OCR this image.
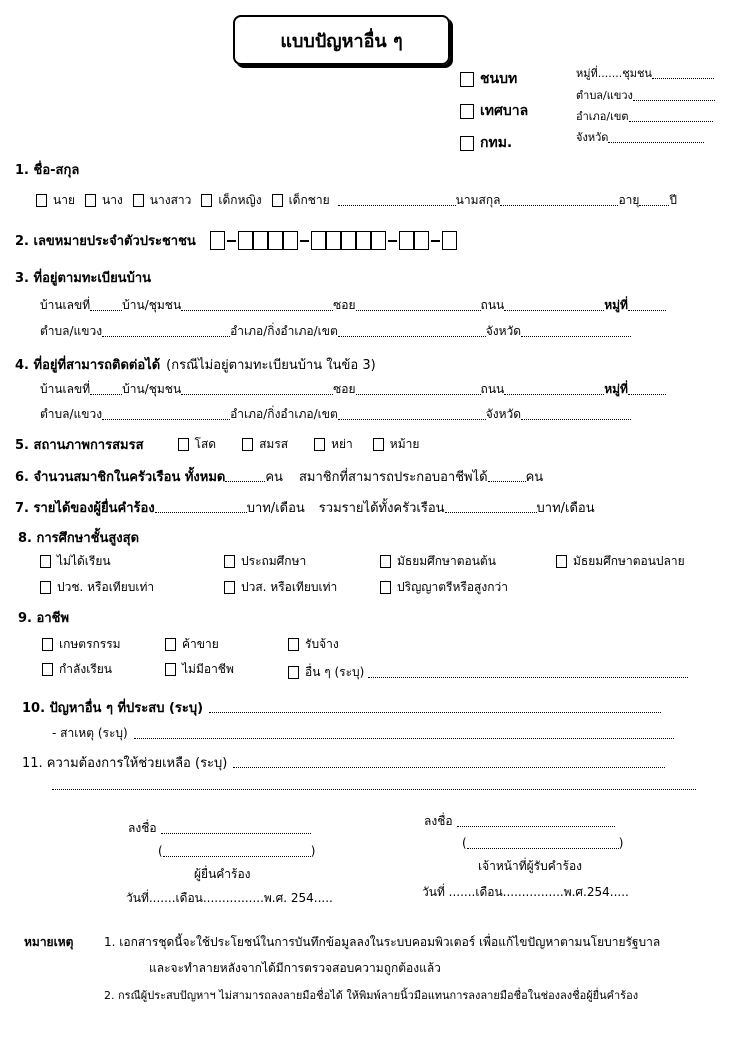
แบบปัญหาอื่น ๆ
ชนบท
เทศบาล
กทม.
หมู่ที่.......ชุมชน
ตำบล/แขวง
อำเภอ/เขต
จังหวัด
1. ชื่อ-สกุล
นาย นาง นางสาว เด็กหญิง เด็กชาย	นามสกุล	อายุ	ปี
2. เลขหมายประจำตัวประชาชน
3. ที่อยู่ตามทะเบียนบ้าน
บ้านเลขที่	บ้าน/ชุมชน	ซอย	ถนน	หมู่ที่
ตำบล/แขวง	อำเภอ/กิ่งอำเภอ/เขต	จังหวัด
4. ที่อยู่ที่สามารถติดต่อได้ (กรณีไม่อยู่ตามทะเบียนบ้าน ในข้อ 3)
บ้านเลขที่	บ้าน/ชุมชน	ซอย	ถนน	หมู่ที่
ตำบล/แขวง	อำเภอ/กิ่งอำเภอ/เขต	จังหวัด
5. สถานภาพการสมรส	โสด	สมรส	หย่า	หม้าย
6. จำนวนสมาชิกในครัวเรือน ทั้งหมด	คน สมาชิกที่สามารถประกอบอาชีพได้	คน
7. รายได้ของผู้ยื่นคำร้อง	บาท/เดือน รวมรายได้ทั้งครัวเรือน	บาท/เดือน
8. การศึกษาชั้นสูงสุด
ไม่ได้เรียน	ประถมศึกษา	มัธยมศึกษาตอนต้น	มัธยมศึกษาตอนปลาย
ปวช. หรือเทียบเท่า	ปวส. หรือเทียบเท่า	ปริญญาตรีหรือสูงกว่า
9. อาชีพ
เกษตรกรรม	ค้าขาย	รับจ้าง
กำลังเรียน	ไม่มีอาชีพ	อื่น ๆ (ระบุ)
10. ปัญหาอื่น ๆ ที่ประสบ (ระบุ)
- สาเหตุ (ระบุ)
11. ความต้องการให้ช่วยเหลือ (ระบุ)
ลงชื่อ
(	)
ผู้ยื่นคำร้อง
วันที่.......เดือน................พ.ศ. 254.....
ลงชื่อ
(	)
เจ้าหน้าที่ผู้รับคำร้อง
วันที่ .......เดือน................พ.ศ.254.....
หมายเหตุ	1. เอกสารชุดนี้จะใช้ประโยชน์ในการบันทึกข้อมูลลงในระบบคอมพิวเตอร์ เพื่อแก้ไขปัญหาตามนโยบายรัฐบาล
และจะทำลายหลังจากได้มีการตรวจสอบความถูกต้องแล้ว
2. กรณีผู้ประสบปัญหาฯ ไม่สามารถลงลายมือชื่อได้ ให้พิมพ์ลายนิ้วมือแทนการลงลายมือชื่อในช่องลงชื่อผู้ยื่นคำร้อง
